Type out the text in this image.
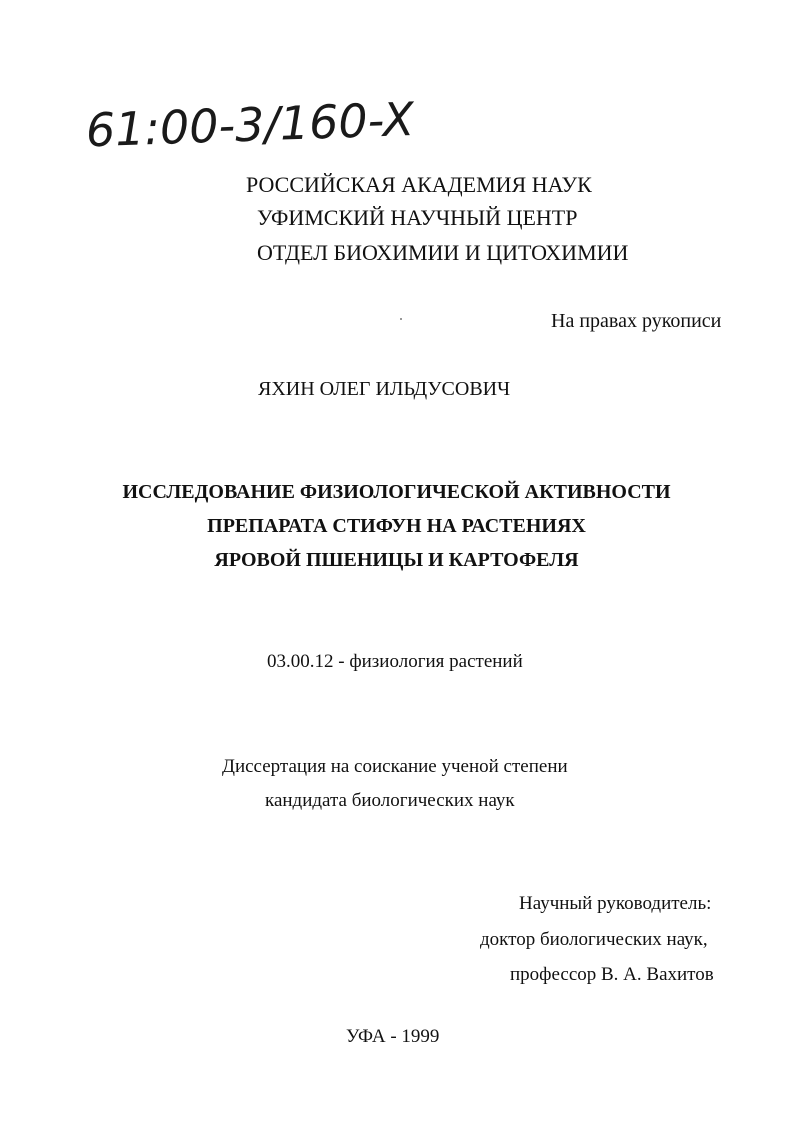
61:00-3/160-X
РОССИЙСКАЯ АКАДЕМИЯ НАУК
УФИМСКИЙ НАУЧНЫЙ ЦЕНТР
ОТДЕЛ БИОХИМИИ И ЦИТОХИМИИ
На правах рукописи
ЯХИН ОЛЕГ ИЛЬДУСОВИЧ
ИССЛЕДОВАНИЕ ФИЗИОЛОГИЧЕСКОЙ АКТИВНОСТИ
ПРЕПАРАТА СТИФУН НА РАСТЕНИЯХ
ЯРОВОЙ ПШЕНИЦЫ И КАРТОФЕЛЯ
03.00.12 - физиология растений
Диссертация на соискание ученой степени
кандидата биологических наук
Научный руководитель:
доктор биологических наук,
профессор В. А. Вахитов
УФА - 1999
